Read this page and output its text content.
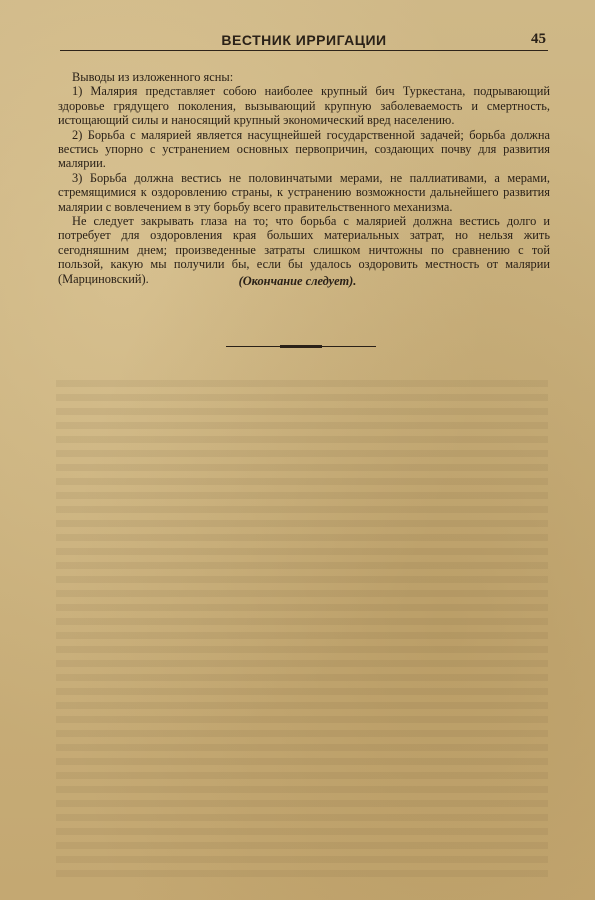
ВЕСТНИК ИРРИГАЦИИ	45

Выводы из изложенного ясны:

1) Малярия представляет собою наиболее крупный бич Туркестана, подрывающий здоровье грядущего поколения, вызывающий крупную заболеваемость и смертность, истощающий силы и наносящий крупный экономический вред населению.

2) Борьба с малярией является насущнейшей государственной задачей; борьба должна вестись упорно с устранением основных первопричин, создающих почву для развития малярии.

3) Борьба должна вестись не половинчатыми мерами, не паллиативами, а мерами, стремящимися к оздоровлению страны, к устранению возможности дальнейшего развития малярии с вовлечением в эту борьбу всего правительственного механизма.

Не следует закрывать глаза на то; что борьба с малярией должна вестись долго и потребует для оздоровления края больших материальных затрат, но нельзя жить сегодняшним днем; произведенные затраты слишком ничтожны по сравнению с той пользой, какую мы получили бы, если бы удалось оздоровить местность от малярии (Марциновский).	(Окончание следует).
